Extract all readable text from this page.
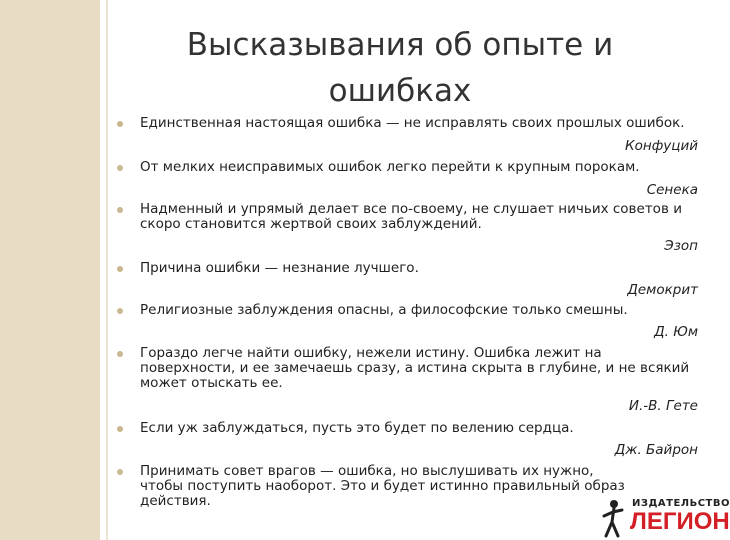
Высказывания об опыте и ошибках
Единственная настоящая ошибка — не исправлять своих прошлых ошибок.
Конфуций
От мелких неисправимых ошибок легко перейти к крупным порокам.
Сенека
Надменный и упрямый делает все по-своему, не слушает ничьих советов и скоро становится жертвой своих заблуждений.
Эзоп
Причина ошибки — незнание лучшего.
Демокрит
Религиозные заблуждения опасны, а философские только смешны.
Д. Юм
Гораздо легче найти ошибку, нежели истину. Ошибка лежит на поверхности, и ее замечаешь сразу, а истина скрыта в глубине, и не всякий может отыскать ее.
И.-В. Гете
Если уж заблуждаться, пусть это будет по велению сердца.
Дж. Байрон
Принимать совет врагов — ошибка, но выслушивать их нужно, чтобы поступить наоборот. Это и будет истинно правильный образ действия.	ИЗДАТЕЛЬСТВО
ЛЕГИОН
